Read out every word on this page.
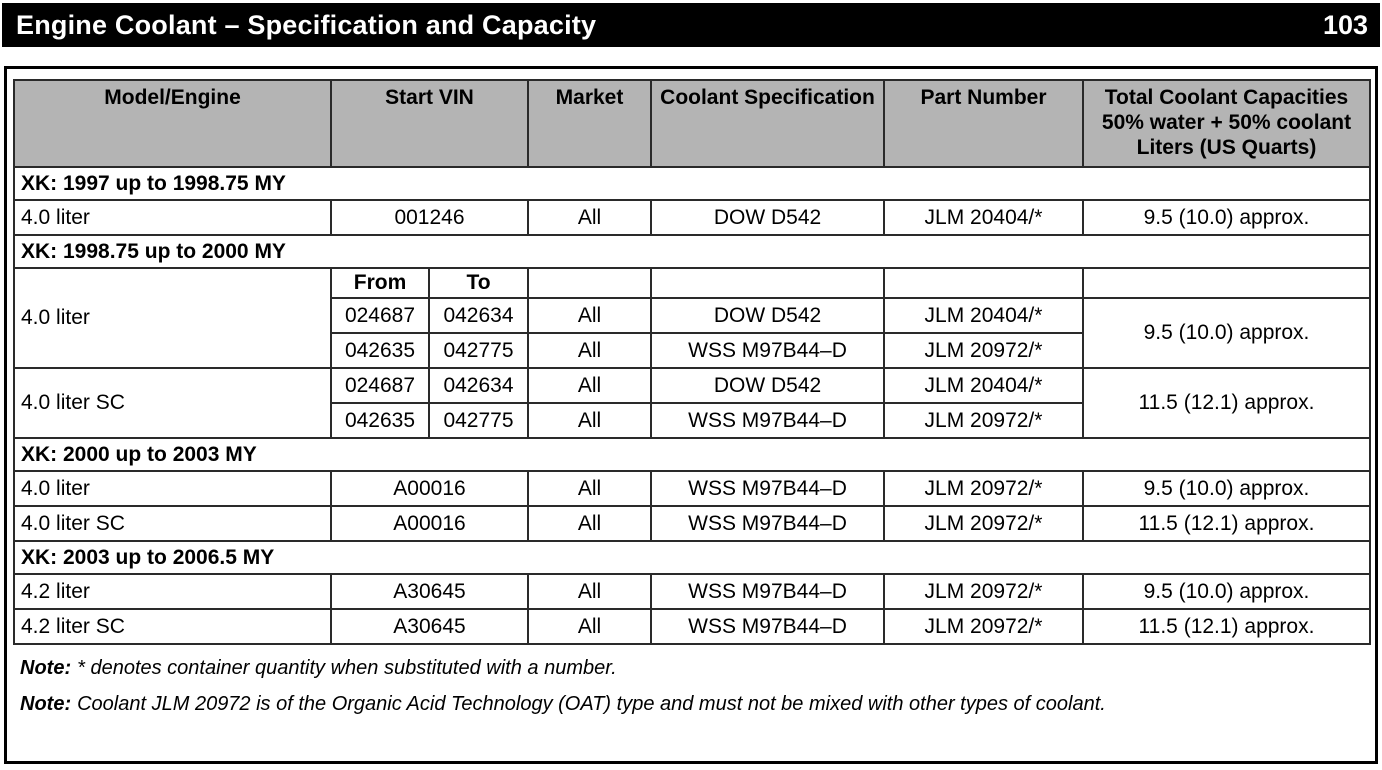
Engine Coolant – Specification and Capacity	103
Model/Engine	Start VIN		Market	Coolant Specification	Part Number	Total Coolant Capacities
50% water + 50% coolant
Liters (US Quarts)

XK: 1997 up to 1998.75 MY						
4.0 liter	001246		All	DOW D542	JLM 20404/*	9.5 (10.0) approx.
XK: 1998.75 up to 2000 MY						
4.0 liter	From	To				
	024687	042634	All	DOW D542	JLM 20404/*	9.5 (10.0) approx.
	042635	042775	All	WSS M97B44–D	JLM 20972/*	
4.0 liter SC	024687	042634	All	DOW D542	JLM 20404/*	11.5 (12.1) approx.
	042635	042775	All	WSS M97B44–D	JLM 20972/*	
XK: 2000 up to 2003 MY						
4.0 liter	A00016		All	WSS M97B44–D	JLM 20972/*	9.5 (10.0) approx.
4.0 liter SC	A00016		All	WSS M97B44–D	JLM 20972/*	11.5 (12.1) approx.
XK: 2003 up to 2006.5 MY						
4.2 liter	A30645		All	WSS M97B44–D	JLM 20972/*	9.5 (10.0) approx.
4.2 liter SC	A30645		All	WSS M97B44–D	JLM 20972/*	11.5 (12.1) approx.

Note: * denotes container quantity when substituted with a number.

Note: Coolant JLM 20972 is of the Organic Acid Technology (OAT) type and must not be mixed with other types of coolant.
